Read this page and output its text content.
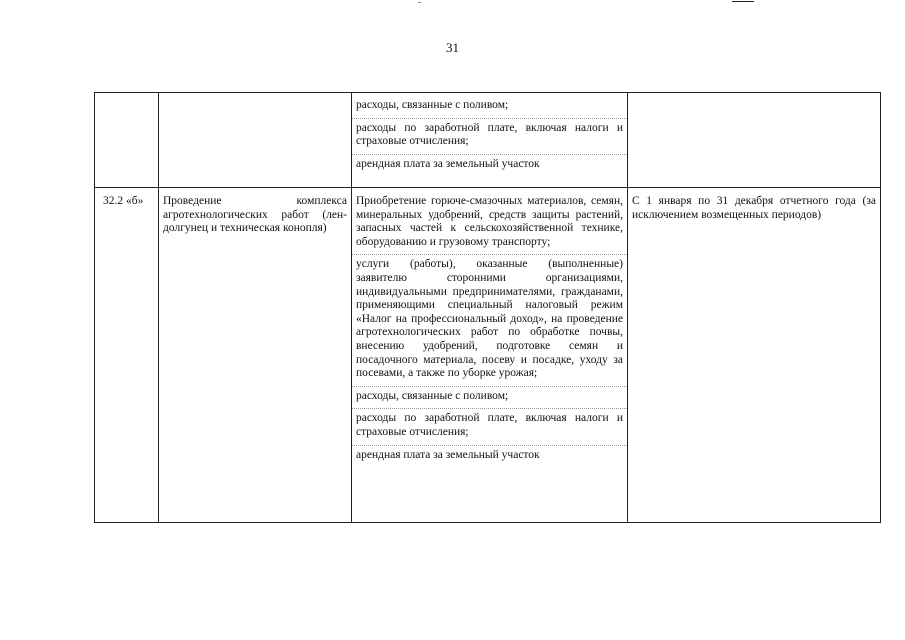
31

		расходы, связанные с поливом;
расходы по заработной плате, включая налоги и страховые отчисления;
арендная плата за земельный участок	

32.2 «б»	Проведение комплекса агротехнологических работ (лен-долгунец и техническая конопля)	Приобретение горюче-смазочных материалов, семян, минеральных удобрений, средств защиты растений, запасных частей к сельскохозяйственной технике, оборудованию и грузовому транспорту;
услуги (работы), оказанные (выполненные) заявителю сторонними организациями, индивидуальными предпринимателями, гражданами, применяющими специальный налоговый режим «Налог на профессиональный доход», на проведение агротехнологических работ по обработке почвы, внесению удобрений, подготовке семян и посадочного материала, посеву и посадке, уходу за посевами, а также по уборке урожая;
расходы, связанные с поливом;
расходы по заработной плате, включая налоги и страховые отчисления;
арендная плата за земельный участок	С 1 января по 31 декабря отчетного года (за исключением возмещенных периодов)
